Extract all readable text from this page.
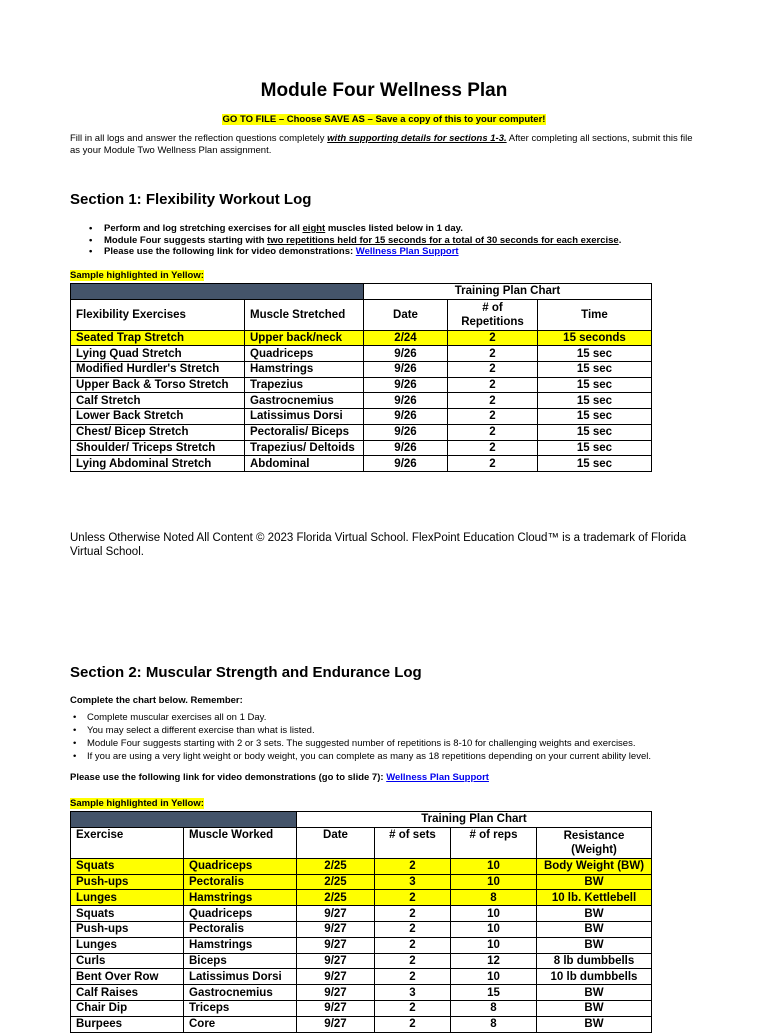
Module Four Wellness Plan
GO TO FILE – Choose SAVE AS – Save a copy of this to your computer!
Fill in all logs and answer the reflection questions completely with supporting details for sections 1-3. After completing all sections, submit this file as your Module Two Wellness Plan assignment.
Section 1: Flexibility Workout Log
• Perform and log stretching exercises for all eight muscles listed below in 1 day.
• Module Four suggests starting with two repetitions held for 15 seconds for a total of 30 seconds for each exercise.
• Please use the following link for video demonstrations: Wellness Plan Support
Sample highlighted in Yellow:
		Training Plan Chart		
Flexibility Exercises	Muscle Stretched	Date	# of Repetitions	Time
Seated Trap Stretch	Upper back/neck	2/24	2	15 seconds
Lying Quad Stretch	Quadriceps	9/26	2	15 sec
Modified Hurdler's Stretch	Hamstrings	9/26	2	15 sec
Upper Back & Torso Stretch	Trapezius	9/26	2	15 sec
Calf Stretch	Gastrocnemius	9/26	2	15 sec
Lower Back Stretch	Latissimus Dorsi	9/26	2	15 sec
Chest/ Bicep Stretch	Pectoralis/ Biceps	9/26	2	15 sec
Shoulder/ Triceps Stretch	Trapezius/ Deltoids	9/26	2	15 sec
Lying Abdominal Stretch	Abdominal	9/26	2	15 sec
Unless Otherwise Noted All Content © 2023 Florida Virtual School. FlexPoint Education Cloud™ is a trademark of Florida Virtual School.
Section 2: Muscular Strength and Endurance Log
Complete the chart below. Remember:
• Complete muscular exercises all on 1 Day.
• You may select a different exercise than what is listed.
• Module Four suggests starting with 2 or 3 sets. The suggested number of repetitions is 8-10 for challenging weights and exercises.
• If you are using a very light weight or body weight, you can complete as many as 18 repetitions depending on your current ability level.
Please use the following link for video demonstrations (go to slide 7): Wellness Plan Support
Sample highlighted in Yellow:
		Training Plan Chart			
Exercise	Muscle Worked	Date	# of sets	# of reps	Resistance (Weight)
Squats	Quadriceps	2/25	2	10	Body Weight (BW)
Push-ups	Pectoralis	2/25	3	10	BW
Lunges	Hamstrings	2/25	2	8	10 lb. Kettlebell
Squats	Quadriceps	9/27	2	10	BW
Push-ups	Pectoralis	9/27	2	10	BW
Lunges	Hamstrings	9/27	2	10	BW
Curls	Biceps	9/27	2	12	8 lb dumbbells
Bent Over Row	Latissimus Dorsi	9/27	2	10	10 lb dumbbells
Calf Raises	Gastrocnemius	9/27	3	15	BW
Chair Dip	Triceps	9/27	2	8	BW
Burpees	Core	9/27	2	8	BW
